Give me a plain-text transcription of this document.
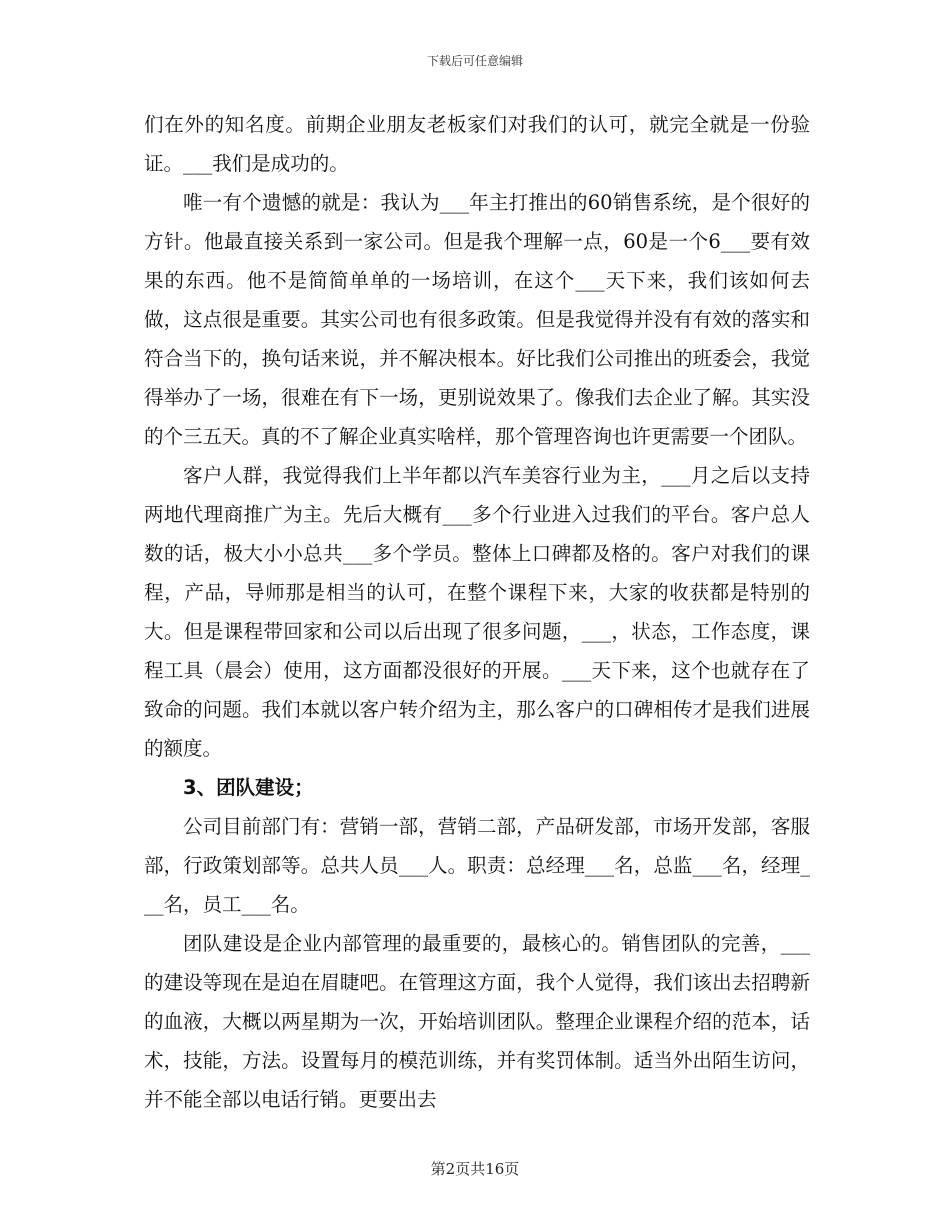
下载后可任意编辑

们在外的知名度。前期企业朋友老板家们对我们的认可，就完全就是一份验证。___我们是成功的。

唯一有个遗憾的就是：我认为___年主打推出的60销售系统，是个很好的方针。他最直接关系到一家公司。但是我个理解一点，60是一个6___要有效果的东西。他不是简简单单的一场培训，在这个___天下来，我们该如何去做，这点很是重要。其实公司也有很多政策。但是我觉得并没有有效的落实和符合当下的，换句话来说，并不解决根本。好比我们公司推出的班委会，我觉得举办了一场，很难在有下一场，更别说效果了。像我们去企业了解。其实没的个三五天。真的不了解企业真实啥样，那个管理咨询也许更需要一个团队。

客户人群，我觉得我们上半年都以汽车美容行业为主，___月之后以支持两地代理商推广为主。先后大概有___多个行业进入过我们的平台。客户总人数的话，极大小小总共___多个学员。整体上口碑都及格的。客户对我们的课程，产品，导师那是相当的认可，在整个课程下来，大家的收获都是特别的大。但是课程带回家和公司以后出现了很多问题，___，状态，工作态度，课程工具（晨会）使用，这方面都没很好的开展。___天下来，这个也就存在了致命的问题。我们本就以客户转介绍为主，那么客户的口碑相传才是我们进展的额度。

3、团队建设；

公司目前部门有：营销一部，营销二部，产品研发部，市场开发部，客服部，行政策划部等。总共人员___人。职责：总经理___名，总监___名，经理___名，员工___名。

团队建设是企业内部管理的最重要的，最核心的。销售团队的完善，___的建设等现在是迫在眉睫吧。在管理这方面，我个人觉得，我们该出去招聘新的血液，大概以两星期为一次，开始培训团队。整理企业课程介绍的范本，话术，技能，方法。设置每月的模范训练，并有奖罚体制。适当外出陌生访问，并不能全部以电话行销。更要出去

第2页共16页
